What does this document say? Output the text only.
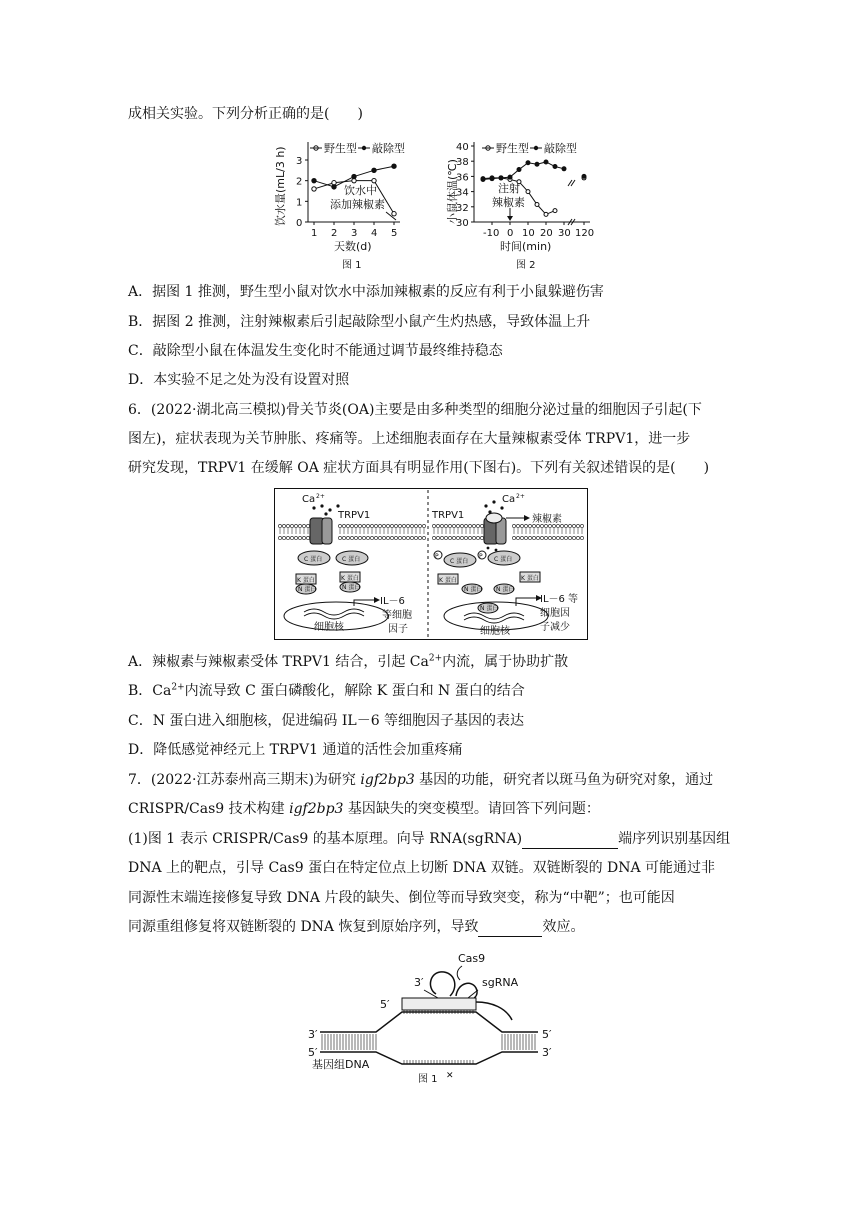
成相关实验。下列分析正确的是(　　)
饮水量(mL/3 h) 0
1
2
3
1 2 3 4 5
野生型 敲除型
饮水中
添加辣椒素
天数(d)
图 1
小鼠体温(℃)
30
32
34
36
38
40
-10 0 10 20 30 120
野生型 敲除型
注射
辣椒素
时间(min)
图 2
A．据图 1 推测，野生型小鼠对饮水中添加辣椒素的反应有利于小鼠躲避伤害
B．据图 2 推测，注射辣椒素后引起敲除型小鼠产生灼热感，导致体温上升
C．敲除型小鼠在体温发生变化时不能通过调节最终维持稳态
D．本实验不足之处为没有设置对照
6．(2022·湖北高三模拟)骨关节炎(OA)主要是由多种类型的细胞分泌过量的细胞因子引起(下
图左)，症状表现为关节肿胀、疼痛等。上述细胞表面存在大量辣椒素受体 TRPV1，进一步
研究发现，TRPV1 在缓解 OA 症状方面具有明显作用(下图右)。下列有关叙述错误的是(　　)
Ca 2+
TRPV1
C 蛋白	C 蛋白
K 蛋白	K 蛋白
N 蛋白	N 蛋白
细胞核
IL－6
等细胞
因子
TRPV1
Ca 2+
辣椒素
P
C 蛋白
P C 蛋白
K 蛋白	K 蛋白
N 蛋白 N 蛋白
N 蛋白
细胞核
IL－6 等
细胞因
子减少
A．辣椒素与辣椒素受体 TRPV1 结合，引起 $Ca^{2+}$内流，属于协助扩散
B．$Ca^{2+}$内流导致 C 蛋白磷酸化，解除 K 蛋白和 N 蛋白的结合
C．N 蛋白进入细胞核，促进编码 IL－6 等细胞因子基因的表达
D．降低感觉神经元上 TRPV1 通道的活性会加重疼痛
7．(2022·江苏泰州高三期末)为研究 igf2bp3 基因的功能，研究者以斑马鱼为研究对象，通过
CRISPR/Cas9 技术构建 igf2bp3 基因缺失的突变模型。请回答下列问题：
(1)图 1 表示 CRISPR/Cas9 的基本原理。向导 RNA(sgRNA)	端序列识别基因组
DNA 上的靶点，引导 Cas9 蛋白在特定位点上切断 DNA 双链。双链断裂的 DNA 可能通过非
同源性末端连接修复导致 DNA 片段的缺失、倒位等而导致突变，称为“中靶”；也可能因
同源重组修复将双链断裂的 DNA 恢复到原始序列，导致	效应。
Cas9
3′	sgRNA
5′
3′	5′
5′	3′
基因组DNA
图 1 ✕
